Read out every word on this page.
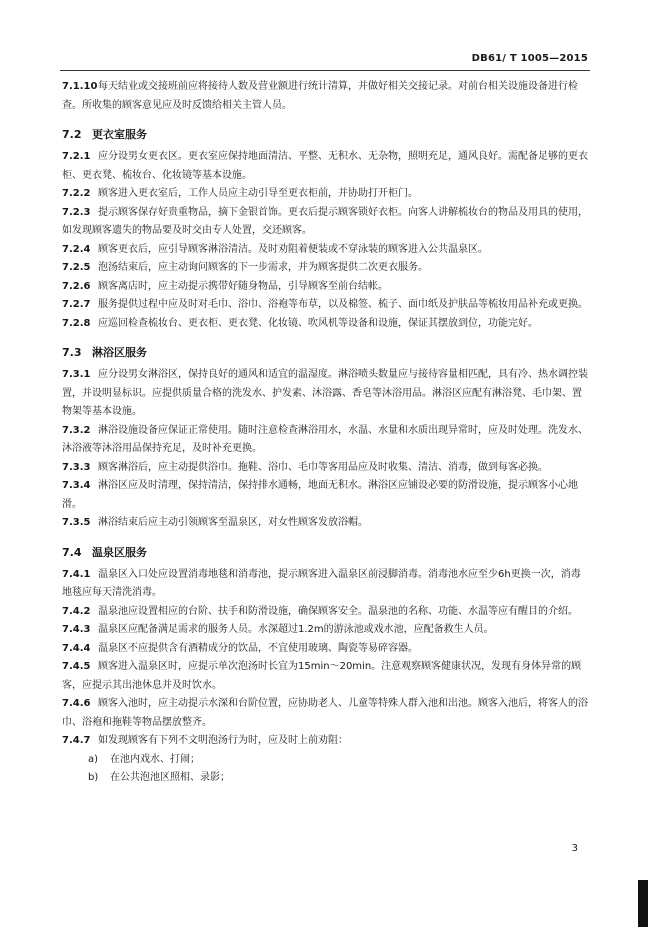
DB61/ T 1005—2015
7.1.10每天结业或交接班前应将接待人数及营业额进行统计清算，并做好相关交接记录。对前台相关设施设备进行检查。所收集的顾客意见应及时反馈给相关主管人员。
7.2 更衣室服务
7.2.1 应分设男女更衣区。更衣室应保持地面清洁、平整、无积水、无杂物，照明充足，通风良好。需配备足够的更衣柜、更衣凳、梳妆台、化妆镜等基本设施。
7.2.2 顾客进入更衣室后，工作人员应主动引导至更衣柜前，并协助打开柜门。
7.2.3 提示顾客保存好贵重物品，摘下金银首饰。更衣后提示顾客锁好衣柜。向客人讲解梳妆台的物品及用具的使用，如发现顾客遗失的物品要及时交由专人处置，交还顾客。
7.2.4 顾客更衣后，应引导顾客淋浴清洁。及时劝阻着便装或不穿泳装的顾客进入公共温泉区。
7.2.5 泡汤结束后，应主动询问顾客的下一步需求，并为顾客提供二次更衣服务。
7.2.6 顾客离店时，应主动提示携带好随身物品，引导顾客至前台结帐。
7.2.7 服务提供过程中应及时对毛巾、浴巾、浴袍等布草，以及棉签、梳子、面巾纸及护肤品等梳妆用品补充或更换。
7.2.8 应巡回检查梳妆台、更衣柜、更衣凳、化妆镜、吹风机等设备和设施，保证其摆放到位，功能完好。
7.3 淋浴区服务
7.3.1 应分设男女淋浴区，保持良好的通风和适宜的温湿度。淋浴喷头数量应与接待容量相匹配，具有冷、热水调控装置，并设明显标识。应提供质量合格的洗发水、护发素、沐浴露、香皂等沐浴用品。淋浴区应配有淋浴凳、毛巾架、置物架等基本设施。
7.3.2 淋浴设施设备应保证正常使用。随时注意检查淋浴用水，水温、水量和水质出现异常时，应及时处理。洗发水、沐浴液等沐浴用品保持充足，及时补充更换。
7.3.3 顾客淋浴后，应主动提供浴巾。拖鞋、浴巾、毛巾等客用品应及时收集、清洁、消毒，做到每客必换。
7.3.4 淋浴区应及时清理，保持清洁，保持排水通畅，地面无积水。淋浴区应铺设必要的防滑设施，提示顾客小心地滑。
7.3.5 淋浴结束后应主动引领顾客至温泉区，对女性顾客发放浴帽。
7.4 温泉区服务
7.4.1 温泉区入口处应设置消毒地毯和消毒池，提示顾客进入温泉区前浸脚消毒。消毒池水应至少6h更换一次，消毒地毯应每天清洗消毒。
7.4.2 温泉池应设置相应的台阶、扶手和防滑设施，确保顾客安全。温泉池的名称、功能、水温等应有醒目的介绍。
7.4.3 温泉区应配备满足需求的服务人员。水深超过1.2m的游泳池或戏水池，应配备救生人员。
7.4.4 温泉区不应提供含有酒精成分的饮品，不宜使用玻璃、陶瓷等易碎容器。
7.4.5 顾客进入温泉区时，应提示单次泡汤时长宜为15min～20min。注意观察顾客健康状况，发现有身体异常的顾客，应提示其出池休息并及时饮水。
7.4.6 顾客入池时，应主动提示水深和台阶位置，应协助老人、儿童等特殊人群入池和出池。顾客入池后，将客人的浴巾、浴袍和拖鞋等物品摆放整齐。
7.4.7 如发现顾客有下列不文明泡汤行为时，应及时上前劝阻：
a) 在池内戏水、打闹；
b) 在公共泡池区照相、录影；
3
